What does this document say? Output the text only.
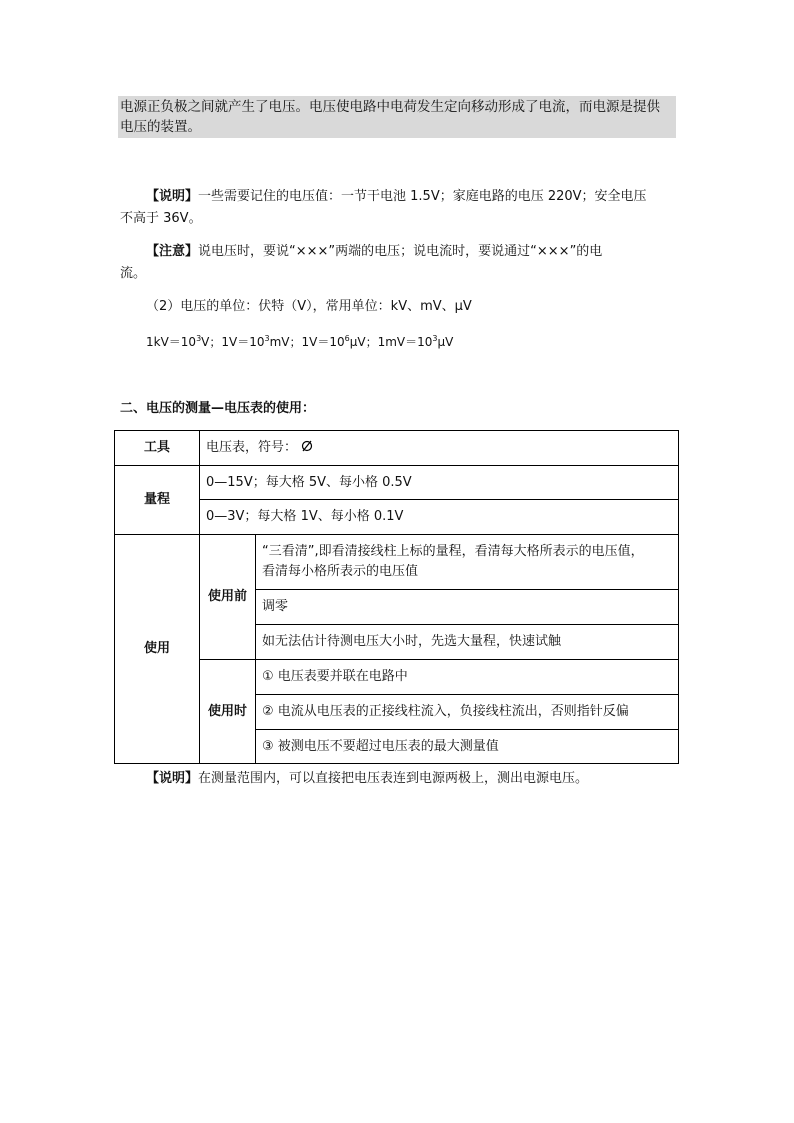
电源正负极之间就产生了电压。电压使电路中电荷发生定向移动形成了电流，而电源是提供
电压的装置。
【说明】一些需要记住的电压值：一节干电池 1.5V；家庭电路的电压 220V；安全电压
不高于 36V。
【注意】说电压时，要说“×××”两端的电压；说电流时，要说通过“×××”的电
流。
（2）电压的单位：伏特（V），常用单位：kV、mV、μV
$1kV=10^3V$；$1V=10^3mV$；$1V=10^6\mu V$；$1mV=10^3\mu V$
二、电压的测量—电压表的使用：
工具	电压表，符号：	
量程	0—15V；每大格 5V、每小格 0.5V	
	0—3V；每大格 1V、每小格 0.1V	
使用	使用前	“三看清”,即看清接线柱上标的量程，看清每大格所表示的电压值，
看清每小格所表示的电压值

		调零
		如无法估计待测电压大小时，先选大量程，快速试触
	使用时	① 电压表要并联在电路中
		② 电流从电压表的正接线柱流入，负接线柱流出，否则指针反偏
		③ 被测电压不要超过电压表的最大测量值
【说明】在测量范围内，可以直接把电压表连到电源两极上，测出电源电压。
